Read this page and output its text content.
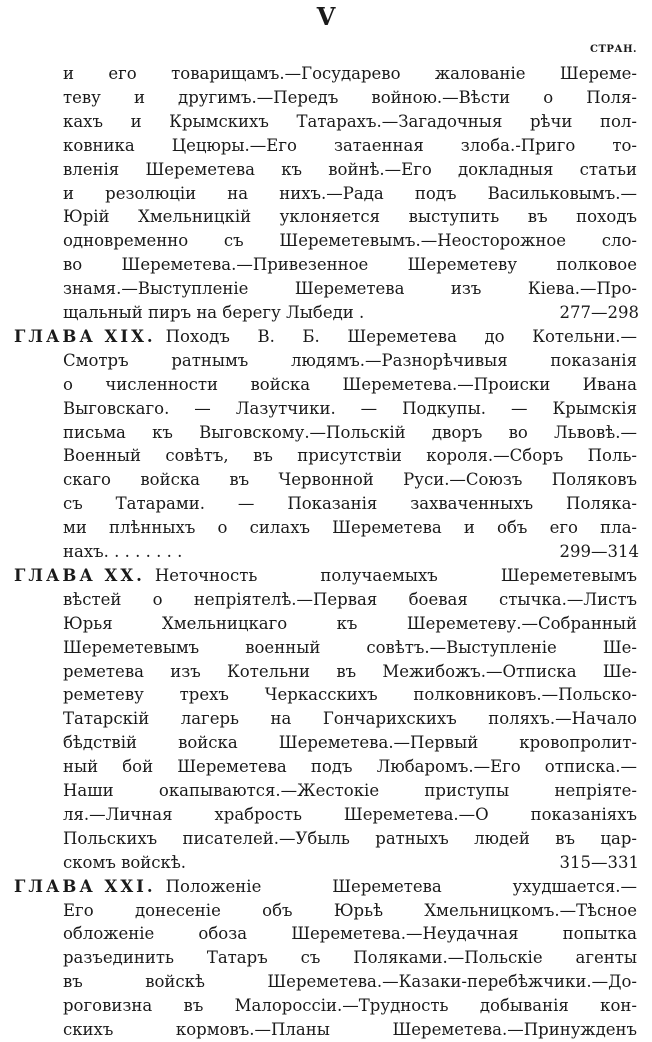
V
СТРАН.
и его товарищамъ.—Государево жалованіе Шереме-
теву и другимъ.—Передъ войною.—Вѣсти о Поля-
кахъ и Крымскихъ Татарахъ.—Загадочныя рѣчи пол-
ковника Цецюры.—Его затаенная злоба.-Приго то-
вленія Шереметева къ войнѣ.—Его докладныя статьи
и резолюціи на нихъ.—Рада подъ Васильковымъ.—
Юрій Хмельницкій уклоняется выступить въ походъ
одновременно съ Шереметевымъ.—Неосторожное сло-
во Шереметева.—Привезенное Шереметеву полковое
знамя.—Выступленіе Шереметева изъ Кіева.—Про-
щальный пиръ на берегу Лыбеди .	277—298
ГЛАВА XIX. Походъ В. Б. Шереметева до Котельни.—
Смотръ ратнымъ людямъ.—Разнорѣчивыя показанія
о численности войска Шереметева.—Происки Ивана
Выговскаго. — Лазутчики. — Подкупы. — Крымскія
письма къ Выговскому.—Польскій дворъ во Львовѣ.—
Военный совѣтъ, въ присутствіи короля.—Сборъ Поль-
скаго войска въ Червонной Руси.—Союзъ Поляковъ
съ Татарами. — Показанія захваченныхъ Поляка-
ми плѣнныхъ о силахъ Шереметева и объ его пла-
нахъ. . . . . . . .	299—314
ГЛАВА XX. Неточность получаемыхъ Шереметевымъ
вѣстей о непріятелѣ.—Первая боевая стычка.—Листъ
Юрья Хмельницкаго къ Шереметеву.—Собранный
Шереметевымъ военный совѣтъ.—Выступленіе Ше-
реметева изъ Котельни въ Межибожъ.—Отписка Ше-
реметеву трехъ Черкасскихъ полковниковъ.—Польско-
Татарскій лагерь на Гончарихскихъ поляхъ.—Начало
бѣдствій войска Шереметева.—Первый кровопролит-
ный бой Шереметева подъ Любаромъ.—Его отписка.—
Наши окапываются.—Жестокіе приступы непріяте-
ля.—Личная храбрость Шереметева.—О показаніяхъ
Польскихъ писателей.—Убыль ратныхъ людей въ цар-
скомъ войскѣ.	315—331
ГЛАВА XXI. Положеніе Шереметева ухудшается.—
Его донесеніе объ Юрьѣ Хмельницкомъ.—Тѣсное
обложеніе обоза Шереметева.—Неудачная попытка
разъединить Татаръ съ Поляками.—Польскіе агенты
въ войскѣ Шереметева.—Казаки-перебѣжчики.—До-
роговизна въ Малороссіи.—Трудность добыванія кон-
скихъ кормовъ.—Планы Шереметева.—Принужденъ
